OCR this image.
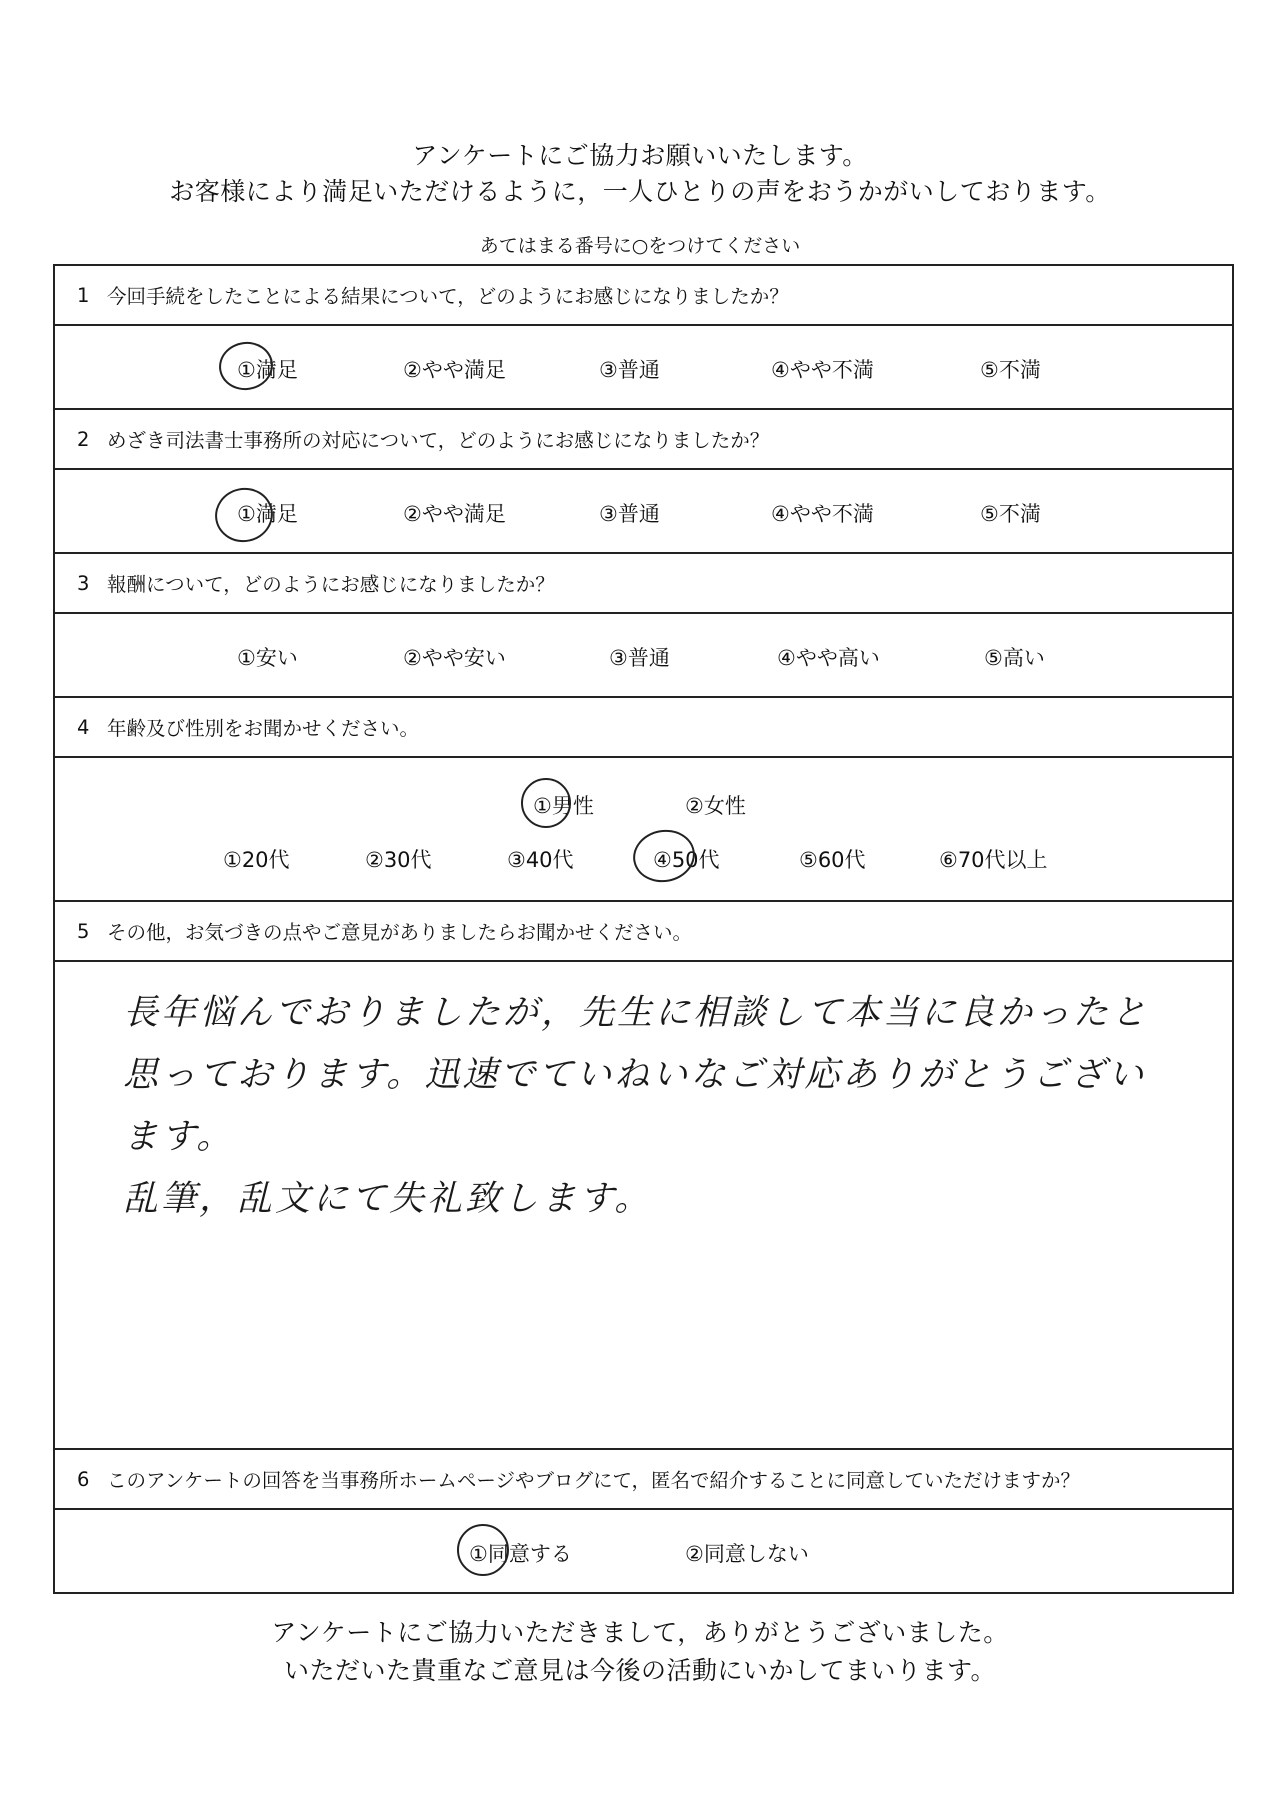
アンケートにご協力お願いいたします。
お客様により満足いただけるように，一人ひとりの声をおうかがいしております。
あてはまる番号に○をつけてください
1 今回手続をしたことによる結果について，どのようにお感じになりましたか？
①満足	②やや満足	③普通	④やや不満	⑤不満
2 めざき司法書士事務所の対応について，どのようにお感じになりましたか？
①満足	②やや満足	③普通	④やや不満	⑤不満
3 報酬について，どのようにお感じになりましたか？
①安い	②やや安い	③普通	④やや高い	⑤高い
4 年齢及び性別をお聞かせください。
①男性	②女性
①20代	②30代	③40代	④50代	⑤60代	⑥70代以上
5 その他，お気づきの点やご意見がありましたらお聞かせください。
長年悩んでおりましたが，先生に相談して本当に良かったと
思っております。迅速でていねいなご対応ありがとうございます。
乱筆，乱文にて失礼致します。
6 このアンケートの回答を当事務所ホームページやブログにて，匿名で紹介することに同意していただけますか？
①同意する	②同意しない
アンケートにご協力いただきまして，ありがとうございました。
いただいた貴重なご意見は今後の活動にいかしてまいります。
